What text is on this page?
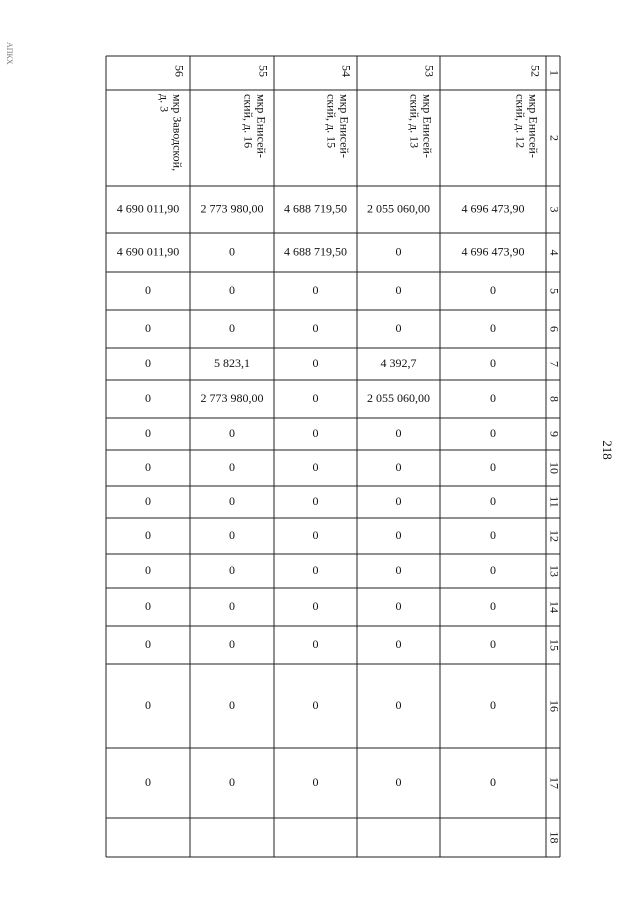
АПКХ
1
2
3
4
5
6
7
8
9
10
11
12
13
14
15
16
17
18
52
мкр Енисей-
ский, д. 12
4 696 473,90
4 696 473,90
0
0
0
0
0
0
0
0
0
0
0
0
0
53
мкр Енисей-
ский, д. 13
2 055 060,00
0
0
0
4 392,7
2 055 060,00
0
0
0
0
0
0
0
0
0
54
мкр Енисей-
ский, д. 15
4 688 719,50
4 688 719,50
0
0
0
0
0
0
0
0
0
0
0
0
0
55
мкр Енисей-
ский, д. 16
2 773 980,00
0
0
0
5 823,1
2 773 980,00
0
0
0
0
0
0
0
0
0
56
мкр Заводской,
д. 3
4 690 011,90
4 690 011,90
0
0
0
0
0
0
0
0
0
0
0
0
0
218
